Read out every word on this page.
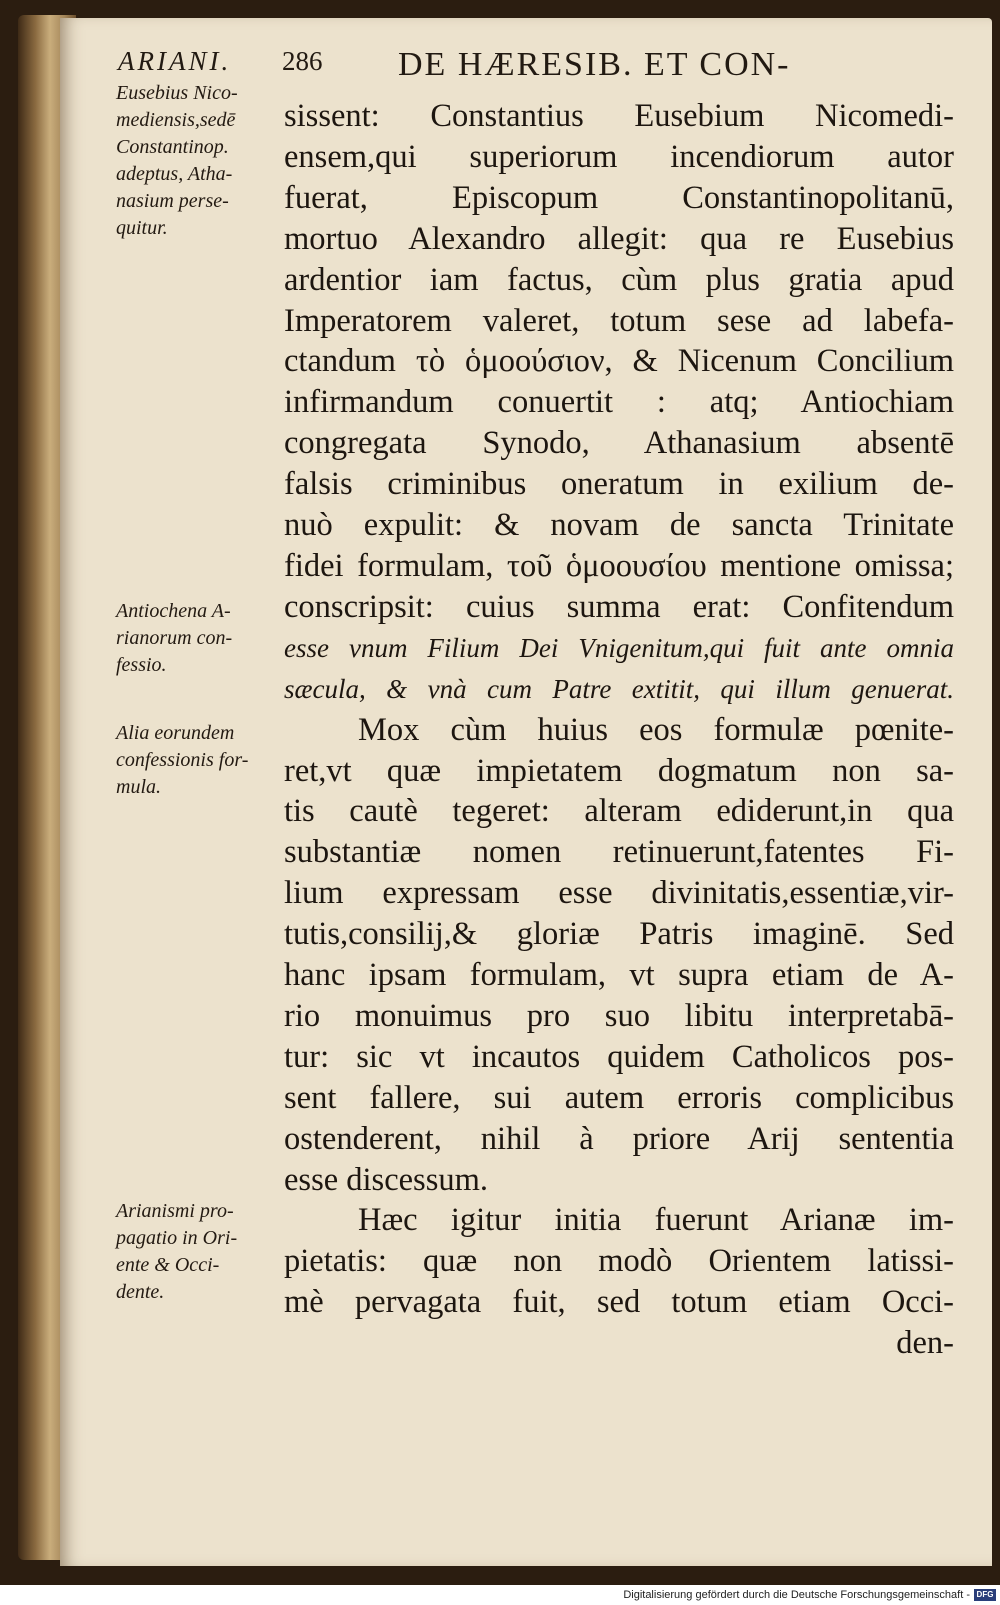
ARIANI. 286 DE HÆRESIB. ET CON-
Eusebius Nico-
mediensis,sedē
Constantinop.
adeptus, Atha-
nasium perse-
quitur.
Antiochena A-
rianorum con-
fessio.
Alia eorundem
confessionis for-
mula.
Arianismi pro-
pagatio in Ori-
ente & Occi-
dente.
sissent: Constantius Eusebium Nicomedi-
ensem,qui superiorum incendiorum autor
fuerat, Episcopum Constantinopolitanū,
mortuo Alexandro allegit: qua re Eusebius
ardentior iam factus, cùm plus gratia apud
Imperatorem valeret, totum sese ad labefa-
ctandum τὸ ὁμοούσιον, & Nicenum Concilium
infirmandum conuertit : atq; Antiochiam
congregata Synodo, Athanasium absentē
falsis criminibus oneratum in exilium de-
nuò expulit: & novam de sancta Trinitate
fidei formulam, τοῦ ὁμοουσίου mentione omissa;
conscripsit: cuius summa erat: Confitendum
esse vnum Filium Dei Vnigenitum,qui fuit ante omnia
sæcula, & vnà cum Patre extitit, qui illum genuerat.
Mox cùm huius eos formulæ pœnite-
ret,vt quæ impietatem dogmatum non sa-
tis cautè tegeret: alteram ediderunt,in qua
substantiæ nomen retinuerunt,fatentes Fi-
lium expressam esse divinitatis,essentiæ,vir-
tutis,consilij,& gloriæ Patris imaginē. Sed
hanc ipsam formulam, vt supra etiam de A-
rio monuimus pro suo libitu interpretabā-
tur: sic vt incautos quidem Catholicos pos-
sent fallere, sui autem erroris complicibus
ostenderent, nihil à priore Arij sententia
esse discessum.
Hæc igitur initia fuerunt Arianæ im-
pietatis: quæ non modò Orientem latissi-
mè pervagata fuit, sed totum etiam Occi-
den-
Digitalisierung gefördert durch die Deutsche Forschungsgemeinschaft - DFG
